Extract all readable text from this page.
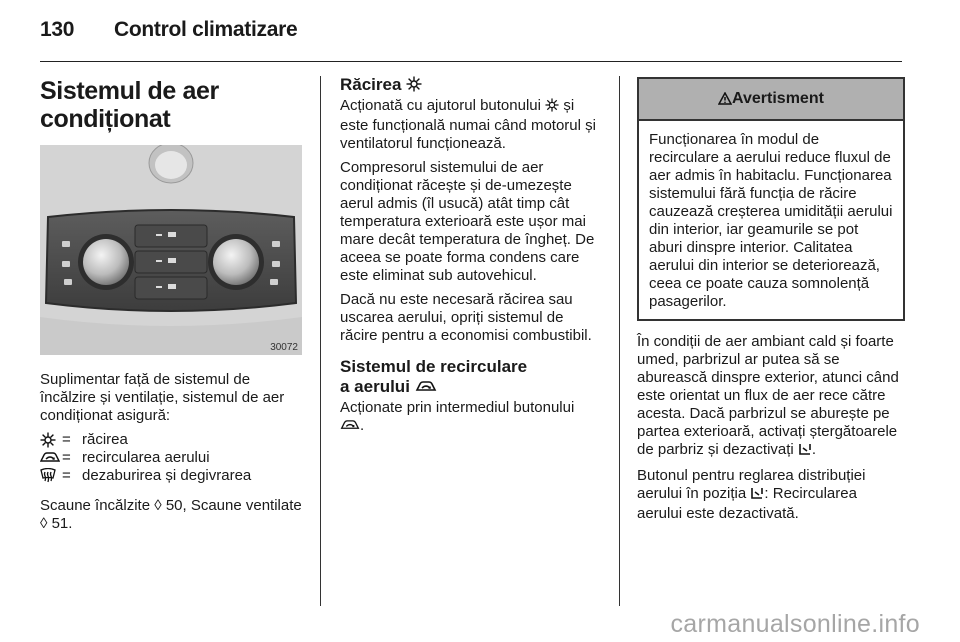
130 Control climatizare
Sistemul de aer
condiționat
30072

Suplimentar față de sistemul de încălzire și ventilație, sistemul de aer condiționat asigură:

= răcirea
= recircularea aerului
= dezaburirea și degivrarea

Scaune încălzite ◊ 50, Scaune ventilate ◊ 51.

Răcirea

Acționată cu ajutorul butonului și este funcțională numai când motorul și ventilatorul funcționează.

Compresorul sistemului de aer condiționat răcește și de-umezește aerul admis (îl usucă) atât timp cât temperatura exterioară este ușor mai mare decât temperatura de îngheț. De aceea se poate forma condens care este eliminat sub autovehicul.

Dacă nu este necesară răcirea sau uscarea aerului, opriți sistemul de răcire pentru a economisi combustibil.

Sistemul de recirculare
a aerului

Acționate prin intermediul butonului
.

Avertisment
Funcționarea în modul de recirculare a aerului reduce fluxul de aer admis în habitaclu. Funcționarea sistemului fără funcția de răcire cauzează creșterea umidității aerului din interior, iar geamurile se pot aburi dinspre interior. Calitatea aerului din interior se deteriorează, ceea ce poate cauza somnolență pasagerilor.

În condiții de aer ambiant cald și foarte umed, parbrizul ar putea să se aburească dinspre exterior, atunci când este orientat un flux de aer rece către acesta. Dacă parbrizul se aburește pe partea exterioară, activați ștergătoarele de parbriz și dezactivați .

Butonul pentru reglarea distribuției aerului în poziția : Recircularea aerului este dezactivată.

carmanualsonline.info
